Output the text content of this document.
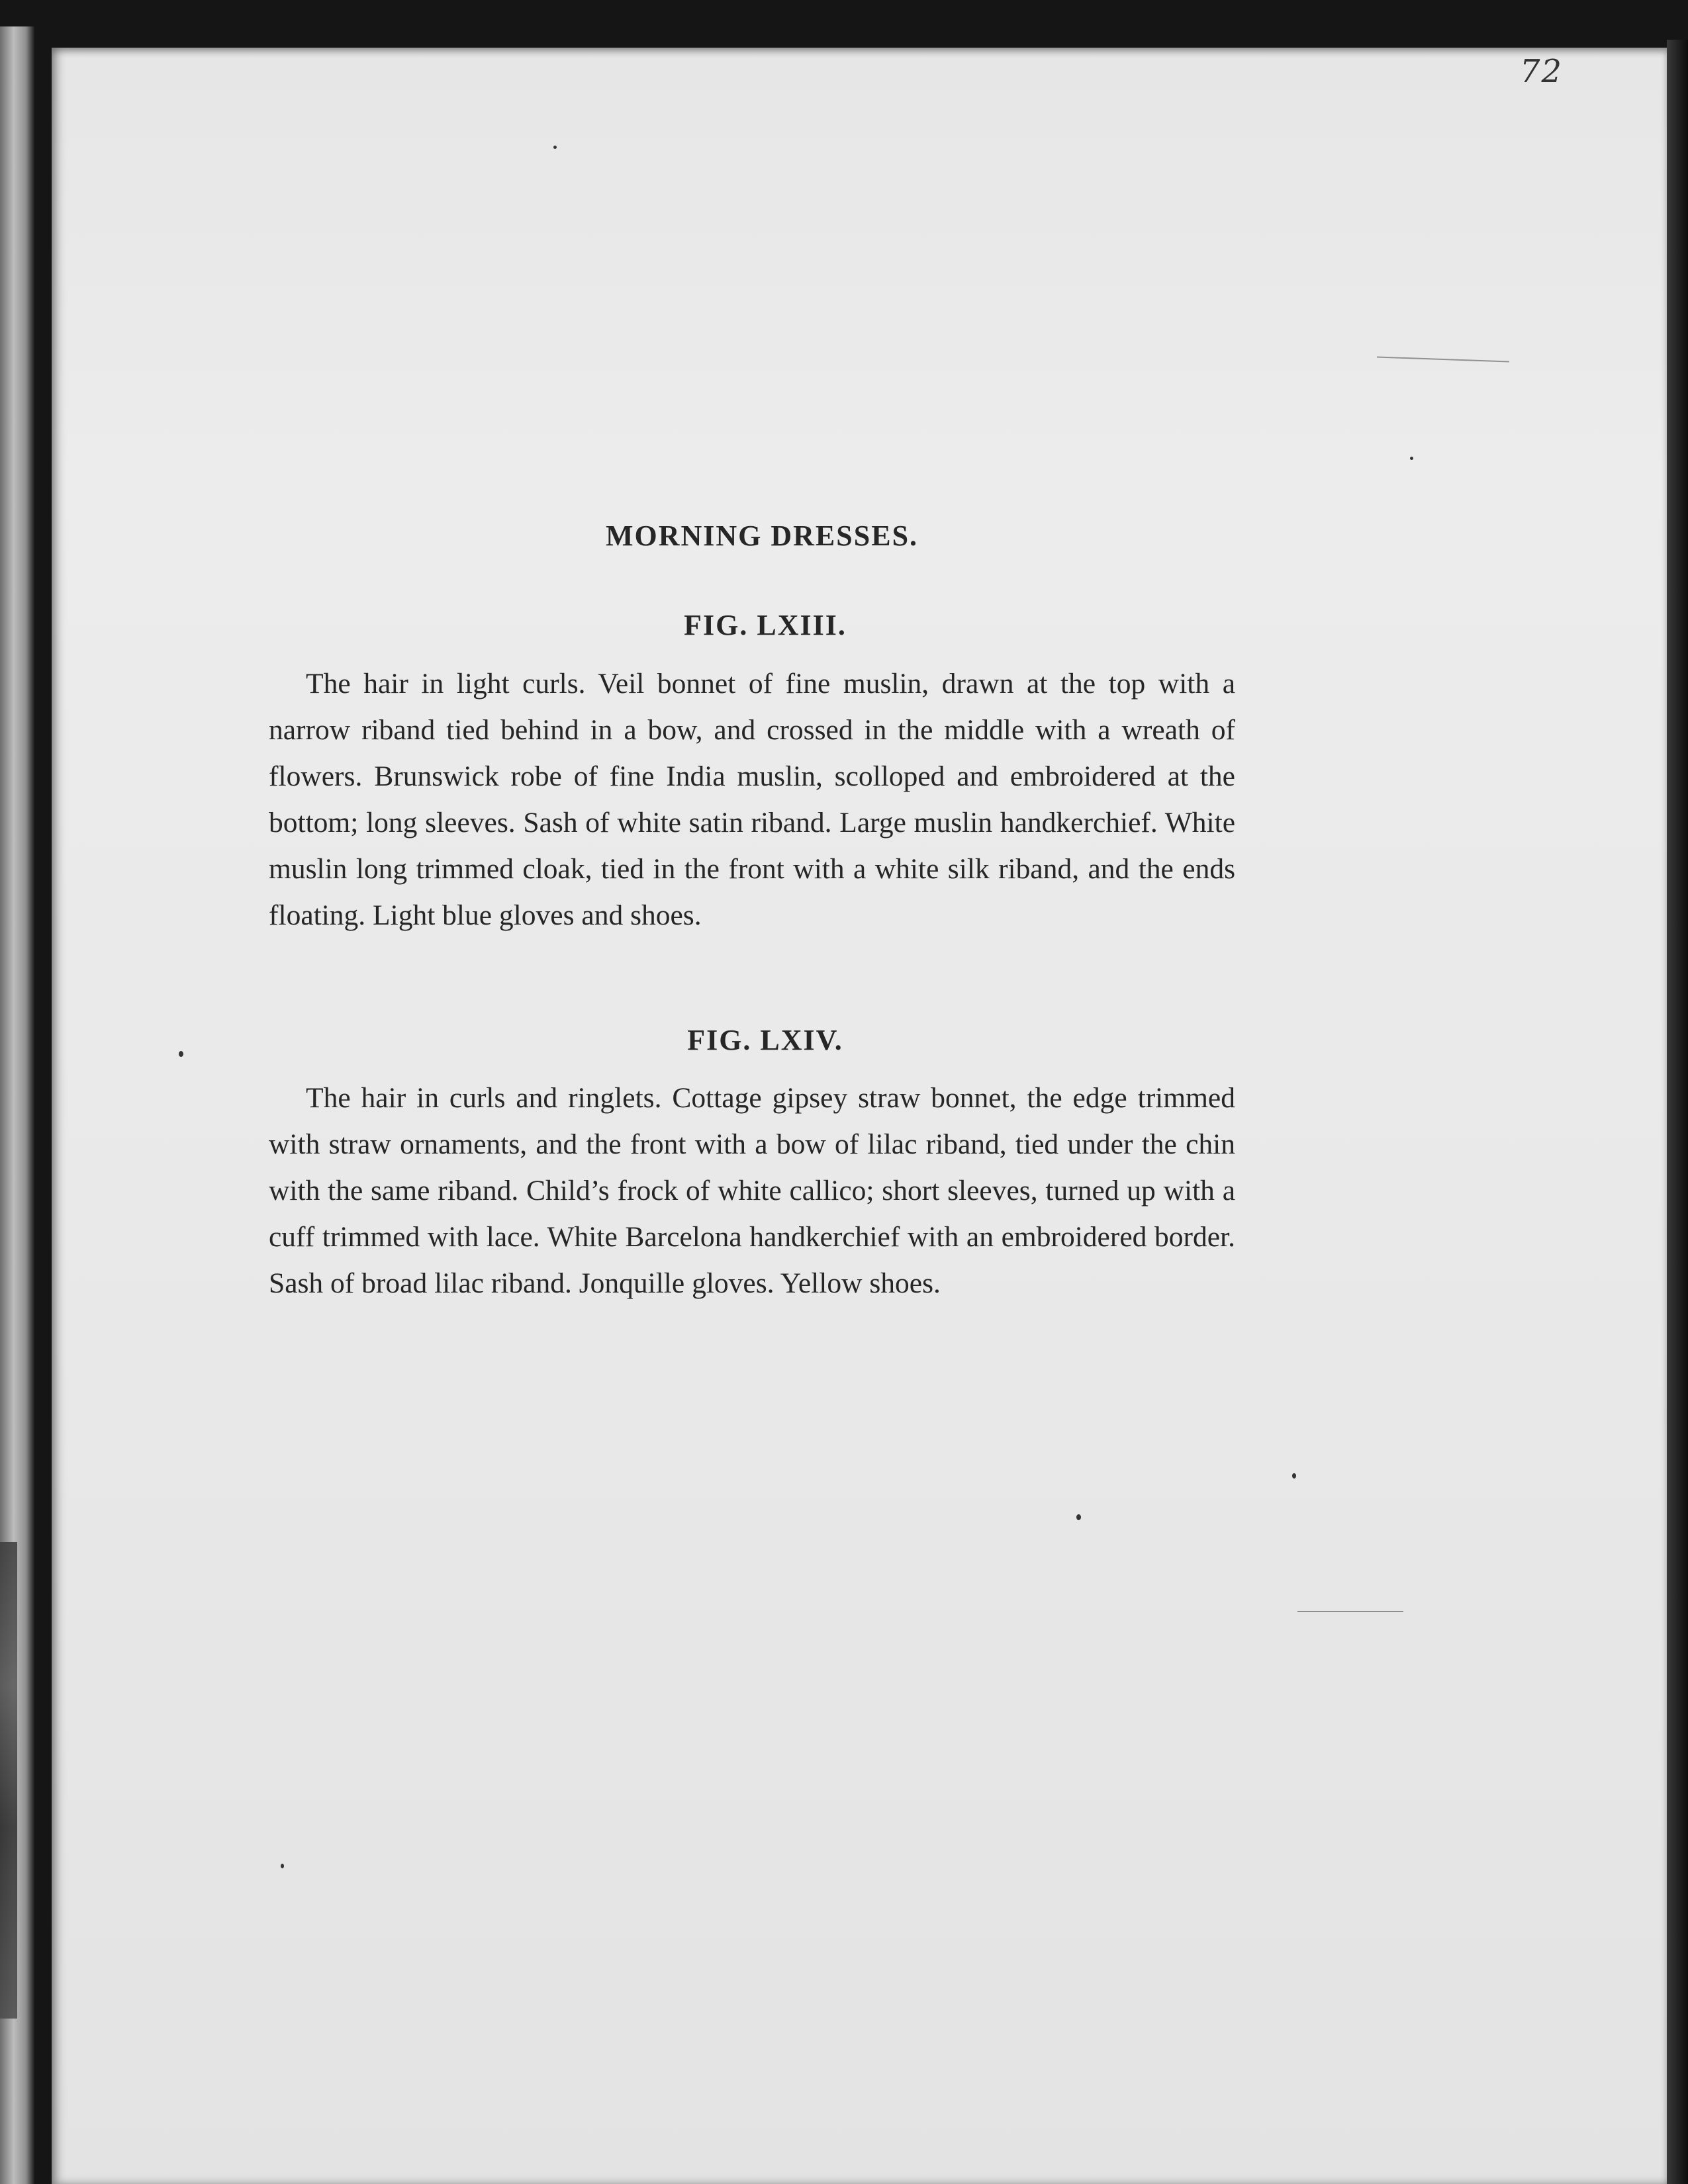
72
MORNING DRESSES.
FIG. LXIII.

The hair in light curls. Veil bonnet of fine muslin, drawn at the top with a narrow riband tied behind in a bow, and crossed in the middle with a wreath of flowers. Brunswick robe of fine India muslin, scolloped and embroidered at the bottom; long sleeves. Sash of white satin riband. Large muslin handkerchief. White muslin long trimmed cloak, tied in the front with a white silk riband, and the ends floating. Light blue gloves and shoes.

FIG. LXIV.

The hair in curls and ringlets. Cottage gipsey straw bonnet, the edge trimmed with straw ornaments, and the front with a bow of lilac riband, tied under the chin with the same riband. Child’s frock of white callico; short sleeves, turned up with a cuff trimmed with lace. White Barcelona handkerchief with an embroidered border. Sash of broad lilac riband. Jonquille gloves. Yellow shoes.
